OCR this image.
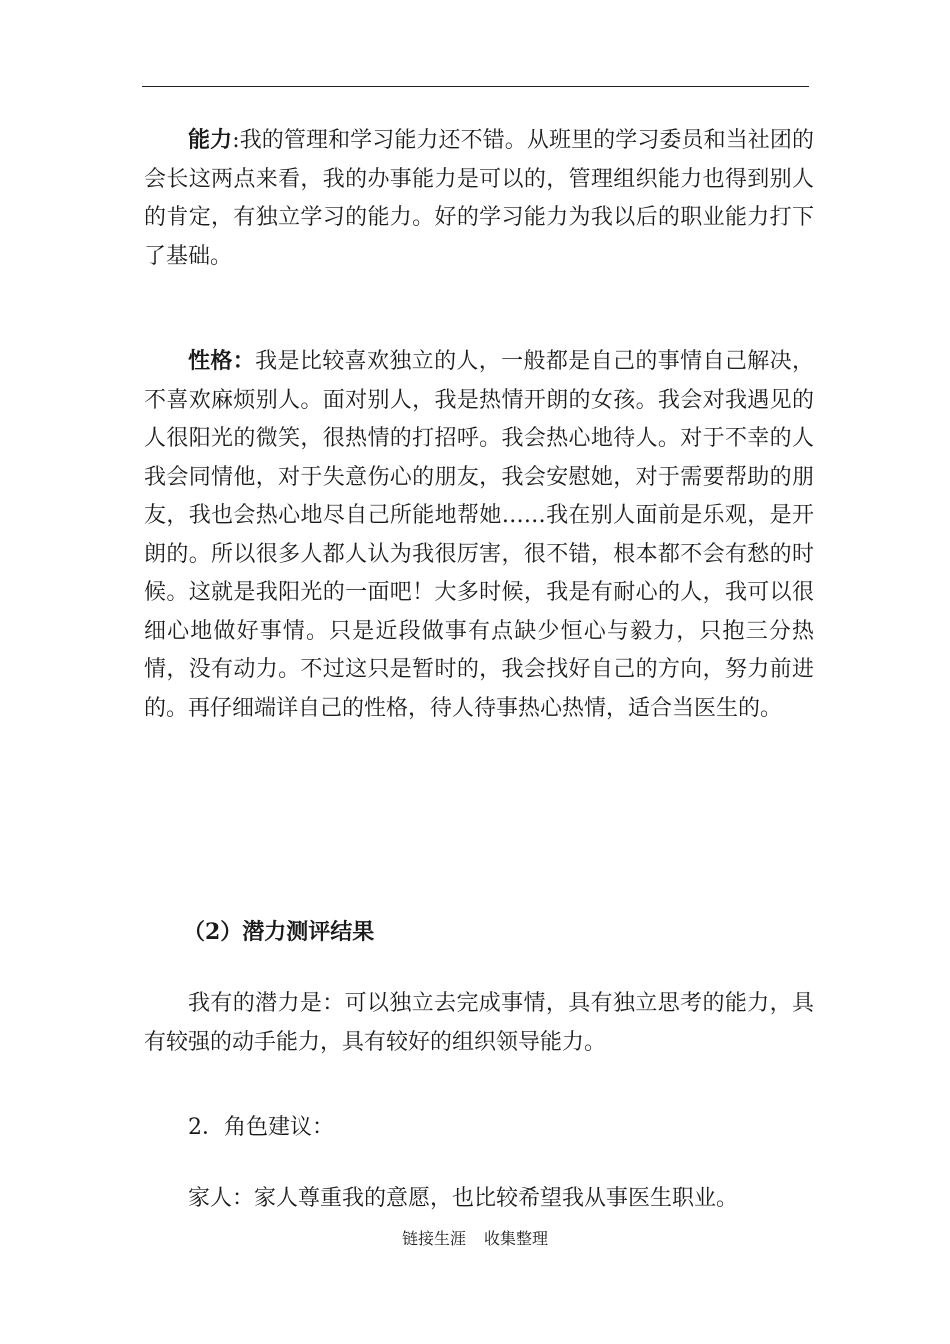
能力:我的管理和学习能力还不错。从班里的学习委员和当社团的会长这两点来看，我的办事能力是可以的，管理组织能力也得到别人的肯定，有独立学习的能力。好的学习能力为我以后的职业能力打下了基础。

性格：我是比较喜欢独立的人，一般都是自己的事情自己解决，不喜欢麻烦别人。面对别人，我是热情开朗的女孩。我会对我遇见的人很阳光的微笑，很热情的打招呼。我会热心地待人。对于不幸的人我会同情他，对于失意伤心的朋友，我会安慰她，对于需要帮助的朋友，我也会热心地尽自己所能地帮她……我在别人面前是乐观，是开朗的。所以很多人都人认为我很厉害，很不错，根本都不会有愁的时候。这就是我阳光的一面吧！大多时候，我是有耐心的人，我可以很细心地做好事情。只是近段做事有点缺少恒心与毅力，只抱三分热情，没有动力。不过这只是暂时的，我会找好自己的方向，努力前进的。再仔细端详自己的性格，待人待事热心热情，适合当医生的。

（2）潜力测评结果

我有的潜力是：可以独立去完成事情，具有独立思考的能力，具有较强的动手能力，具有较好的组织领导能力。

2．角色建议：

家人：家人尊重我的意愿，也比较希望我从事医生职业。

链接生涯 收集整理
